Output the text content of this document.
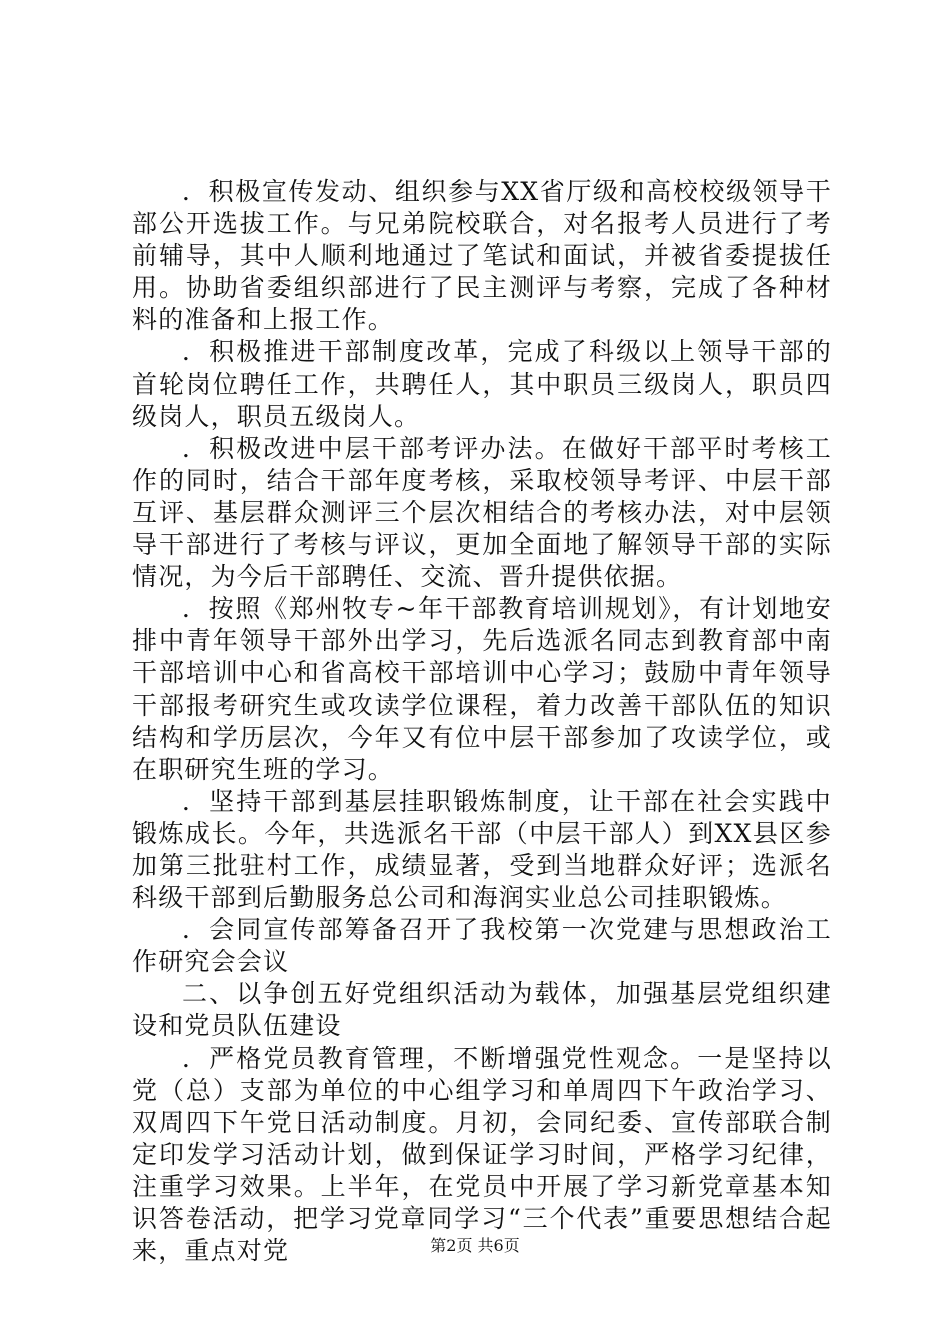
．积极宣传发动、组织参与XX省厅级和高校校级领导干部公开选拔工作。与兄弟院校联合，对名报考人员进行了考前辅导，其中人顺利地通过了笔试和面试，并被省委提拔任用。协助省委组织部进行了民主测评与考察，完成了各种材料的准备和上报工作。

．积极推进干部制度改革，完成了科级以上领导干部的首轮岗位聘任工作，共聘任人，其中职员三级岗人，职员四级岗人，职员五级岗人。

．积极改进中层干部考评办法。在做好干部平时考核工作的同时，结合干部年度考核，采取校领导考评、中层干部互评、基层群众测评三个层次相结合的考核办法，对中层领导干部进行了考核与评议，更加全面地了解领导干部的实际情况，为今后干部聘任、交流、晋升提供依据。

．按照《郑州牧专~年干部教育培训规划》，有计划地安排中青年领导干部外出学习，先后选派名同志到教育部中南干部培训中心和省高校干部培训中心学习；鼓励中青年领导干部报考研究生或攻读学位课程，着力改善干部队伍的知识结构和学历层次，今年又有位中层干部参加了攻读学位，或在职研究生班的学习。

．坚持干部到基层挂职锻炼制度，让干部在社会实践中锻炼成长。今年，共选派名干部（中层干部人）到XX县区参加第三批驻村工作，成绩显著，受到当地群众好评；选派名科级干部到后勤服务总公司和海润实业总公司挂职锻炼。

．会同宣传部筹备召开了我校第一次党建与思想政治工作研究会会议

二、以争创五好党组织活动为载体，加强基层党组织建设和党员队伍建设

．严格党员教育管理，不断增强党性观念。一是坚持以党（总）支部为单位的中心组学习和单周四下午政治学习、双周四下午党日活动制度。月初，会同纪委、宣传部联合制定印发学习活动计划，做到保证学习时间，严格学习纪律，注重学习效果。上半年，在党员中开展了学习新党章基本知识答卷活动，把学习党章同学习“三个代表”重要思想结合起来，重点对党	第2页 共6页
